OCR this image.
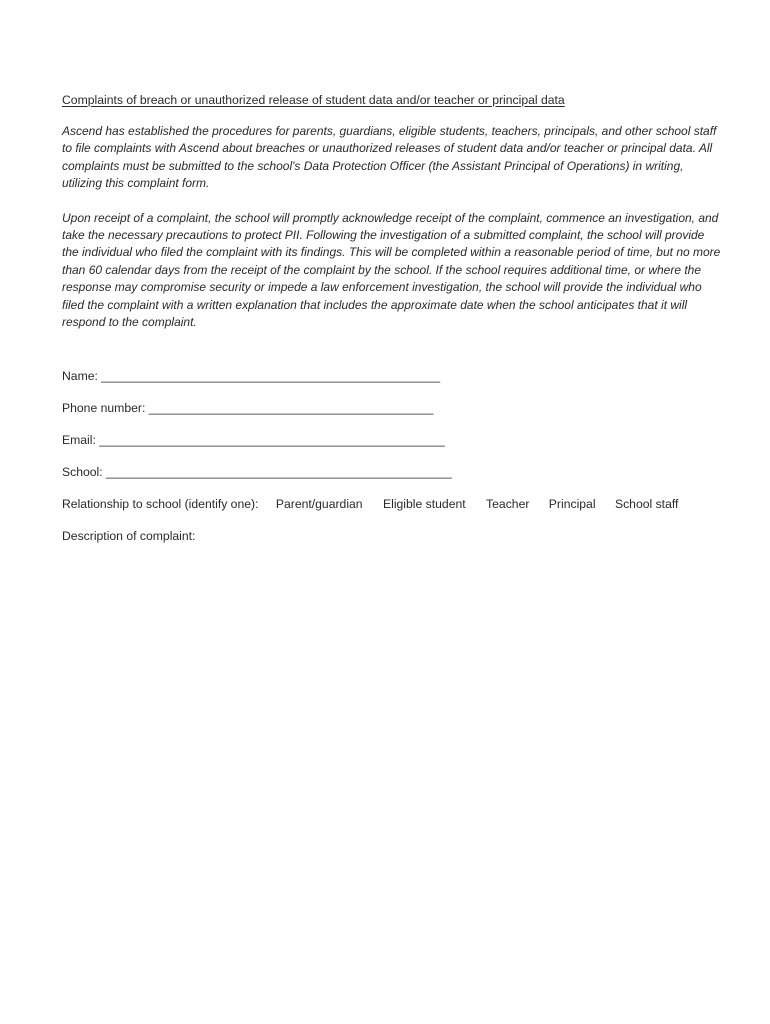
Complaints of breach or unauthorized release of student data and/or teacher or principal data

Ascend has established the procedures for parents, guardians, eligible students, teachers, principals, and other school staff to file complaints with Ascend about breaches or unauthorized releases of student data and/or teacher or principal data. All complaints must be submitted to the school's Data Protection Officer (the Assistant Principal of Operations) in writing, utilizing this complaint form.

Upon receipt of a complaint, the school will promptly acknowledge receipt of the complaint, commence an investigation, and take the necessary precautions to protect PII. Following the investigation of a submitted complaint, the school will provide the individual who filed the complaint with its findings. This will be completed within a reasonable period of time, but no more than 60 calendar days from the receipt of the complaint by the school. If the school requires additional time, or where the response may compromise security or impede a law enforcement investigation, the school will provide the individual who filed the complaint with a written explanation that includes the approximate date when the school anticipates that it will respond to the complaint.

Name: __________________________________________________

Phone number: __________________________________________

Email: ___________________________________________________

School: ___________________________________________________

Relationship to school (identify one): Parent/guardian Eligible student Teacher Principal School staff

Description of complaint:
